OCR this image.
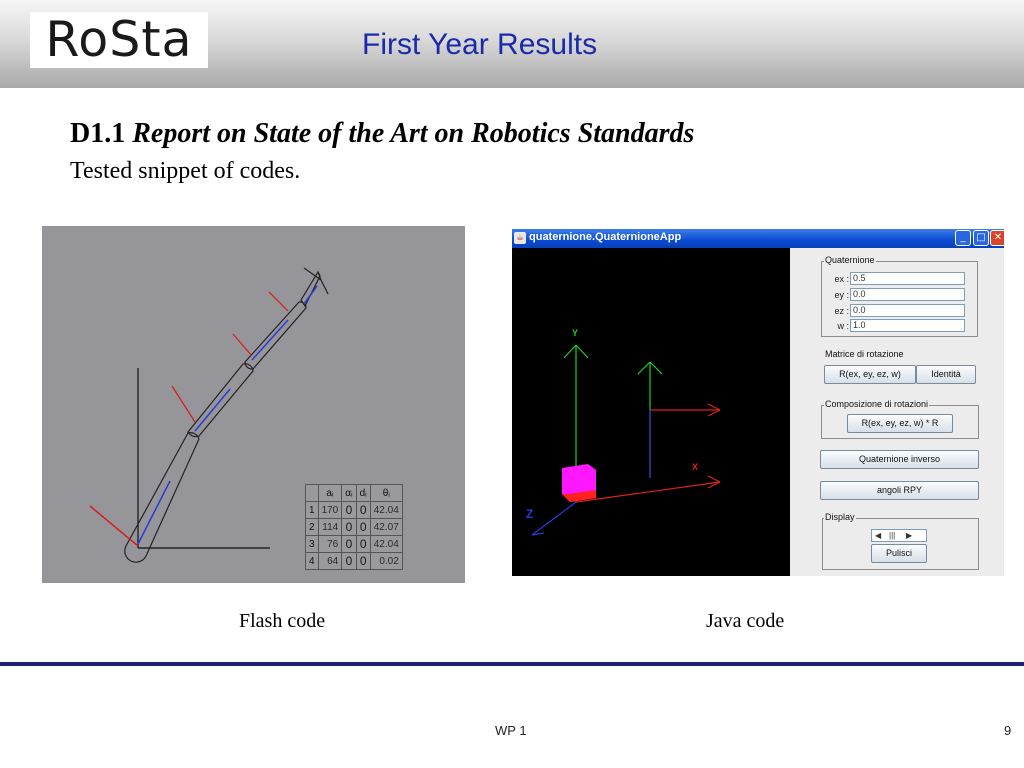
RoSta	First Year Results
D1.1 Report on State of the Art on Robotics Standards
Tested snippet of codes.
	aᵢ	αᵢ	dᵢ	θᵢ
1	170	0	0	42.04
2	114	0	0	42.07
3	76	0	0	42.04
4	64	0	0	0.02
Flash code
☕ quaternione.QuaternioneApp	_	□ ✕
Y
X
Z
Quaternione
ex : 0.5
ey : 0.0
ez : 0.0
w : 1.0
Matrice di rotazione
R(ex, ey, ez, w)	Identità
Composizione di rotazioni
R(ex, ey, ez, w) * R
Quaternione inverso
angoli RPY
Display
◀ ||| ▶
Pulisci
Java code
WP 1	9
